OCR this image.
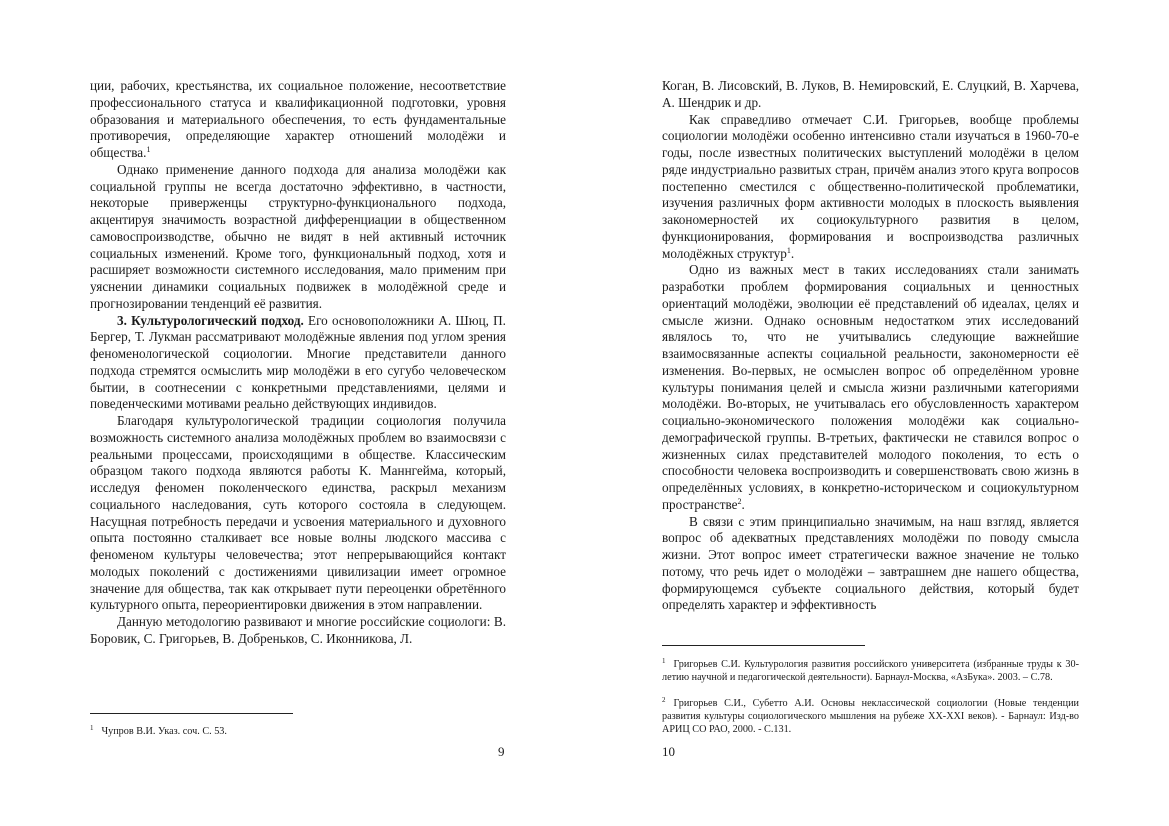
ции, рабочих, крестьянства, их социальное положение, несоответствие профессионального статуса и квалификационной подготовки, уровня образования и материального обеспечения, то есть фундаментальные противоречия, определяющие характер отношений молодёжи и общества.$^1$

Однако применение данного подхода для анализа молодёжи как социальной группы не всегда достаточно эффективно, в частности, некоторые приверженцы структурно-функционального подхода, акцентируя значимость возрастной дифференциации в общественном самовоспроизводстве, обычно не видят в ней активный источник социальных изменений. Кроме того, функциональный подход, хотя и расширяет возможности системного исследования, мало применим при уяснении динамики социальных подвижек в молодёжной среде и прогнозировании тенденций её развития.

3. Культурологический подход. Его основоположники А. Шюц, П. Бергер, Т. Лукман рассматривают молодёжные явления под углом зрения феноменологической социологии. Многие представители данного подхода стремятся осмыслить мир молодёжи в его сугубо человеческом бытии, в соотнесении с конкретными представлениями, целями и поведенческими мотивами реально действующих индивидов.

Благодаря культурологической традиции социология получила возможность системного анализа молодёжных проблем во взаимосвязи с реальными процессами, происходящими в обществе. Классическим образцом такого подхода являются работы К. Маннгейма, который, исследуя феномен поколенческого единства, раскрыл механизм социального наследования, суть которого состояла в следующем. Насущная потребность передачи и усвоения материального и духовного опыта постоянно сталкивает все новые волны людского массива с феноменом культуры человечества; этот непрерывающийся контакт молодых поколений с достижениями цивилизации имеет огромное значение для общества, так как открывает пути переоценки обретённого культурного опыта, переориентировки движения в этом направлении.

Данную методологию развивают и многие российские социологи: В. Боровик, С. Григорьев, В. Добреньков, С. Иконникова, Л.

$^1$ Чупров В.И. Указ. соч. С. 53.
9

Коган, В. Лисовский, В. Луков, В. Немировский, Е. Слуцкий, В. Харчева, А. Шендрик и др.

Как справедливо отмечает С.И. Григорьев, вообще проблемы социологии молодёжи особенно интенсивно стали изучаться в 1960-70-е годы, после известных политических выступлений молодёжи в целом ряде индустриально развитых стран, причём анализ этого круга вопросов постепенно сместился с общественно-политической проблематики, изучения различных форм активности молодых в плоскость выявления закономерностей их социокультурного развития в целом, функционирования, формирования и воспроизводства различных молодёжных структур$^1$.

Одно из важных мест в таких исследованиях стали занимать разработки проблем формирования социальных и ценностных ориентаций молодёжи, эволюции её представлений об идеалах, целях и смысле жизни. Однако основным недостатком этих исследований являлось то, что не учитывались следующие важнейшие взаимосвязанные аспекты социальной реальности, закономерности её изменения. Во-первых, не осмыслен вопрос об определённом уровне культуры понимания целей и смысла жизни различными категориями молодёжи. Во-вторых, не учитывалась его обусловленность характером социально-экономического положения молодёжи как социально-демографической группы. В-третьих, фактически не ставился вопрос о жизненных силах представителей молодого поколения, то есть о способности человека воспроизводить и совершенствовать свою жизнь в определённых условиях, в конкретно-историческом и социокультурном пространстве$^2$.

В связи с этим принципиально значимым, на наш взгляд, является вопрос об адекватных представлениях молодёжи по поводу смысла жизни. Этот вопрос имеет стратегически важное значение не только потому, что речь идет о молодёжи – завтрашнем дне нашего общества, формирующемся субъекте социального действия, который будет определять характер и эффективность

$^1$ Григорьев С.И. Культурология развития российского университета (избранные труды к 30-летию научной и педагогической деятельности). Барнаул-Москва, «АзБука». 2003. – С.78.
$^2$ Григорьев С.И., Субетто А.И. Основы неклассической социологии (Новые тенденции развития культуры социологического мышления на рубеже XX-XXI веков). - Барнаул: Изд-во АРИЦ СО РАО, 2000. - С.131.
10
